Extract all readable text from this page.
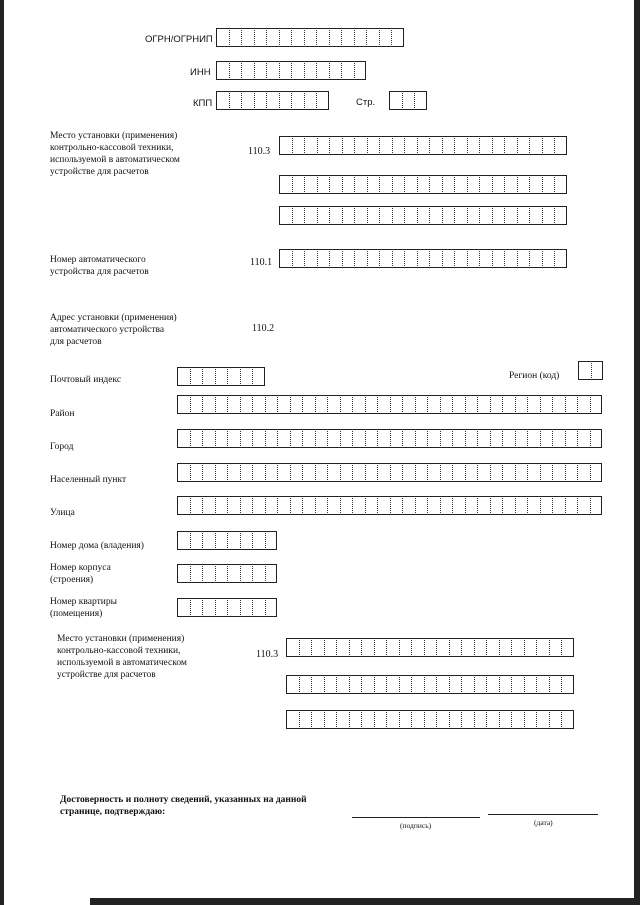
ОГРН/ОГРНИП
ИНН
КПП	Стр.
Место установки (применения)
контрольно-кассовой техники,
используемой в автоматическом
устройстве для расчетов
110.3
Номер автоматического
устройства для расчетов
110.1
Адрес установки (применения)
автоматического устройства
для расчетов
110.2
Почтовый индекс	Регион (код)
Район
Город
Населенный пункт
Улица
Номер дома (владения)
Номер корпуса
(строения)
Номер квартиры
(помещения)
Место установки (применения)
контрольно-кассовой техники,
используемой в автоматическом
устройстве для расчетов
110.3
Достоверность и полноту сведений, указанных на данной
странице, подтверждаю:
(подпись)	(дата)
